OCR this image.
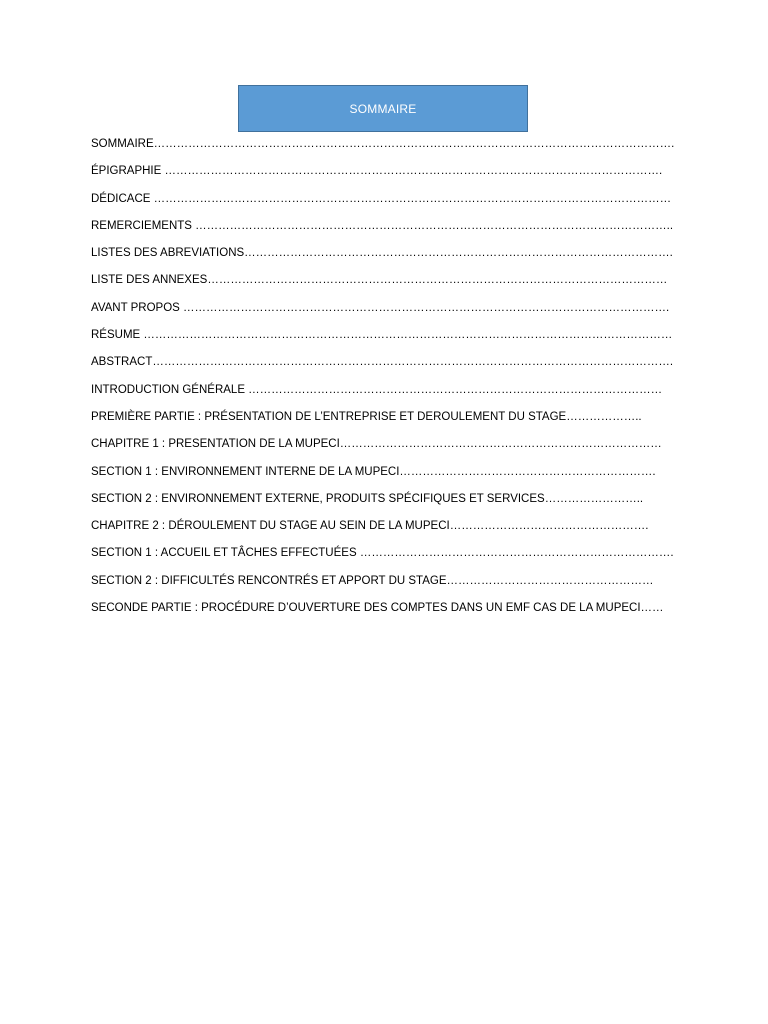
SOMMAIRE
SOMMAIRE……………………………………………………………………………………………………………………….
ÉPIGRAPHIE ………………………………………………………………………………………………………………….
DÉDICACE ………………………………………………………………………………………………………………………
REMERCIEMENTS ……………………………………………………………………………………………………………..
LISTES DES ABREVIATIONS………………………………………………………………………………………………….
LISTE DES ANNEXES…………………………………………………………………………………………………………
AVANT PROPOS ……………………………………………………………………………………………………………….
RÉSUME …………………………………………………………………………………………………………………………
ABSTRACT……………………………………………………………………………………………………………………….
INTRODUCTION GÉNÉRALE ………………………………………………………………………………………………
PREMIÈRE PARTIE : PRÉSENTATION DE L’ENTREPRISE ET DEROULEMENT DU STAGE………………..
CHAPITRE 1 : PRESENTATION DE LA MUPECI…………………………………………………………………………
SECTION 1 : ENVIRONNEMENT INTERNE DE LA MUPECI………………………………………………………….
SECTION 2 : ENVIRONNEMENT EXTERNE, PRODUITS SPÉCIFIQUES ET SERVICES……………………..
CHAPITRE 2 : DÉROULEMENT DU STAGE AU SEIN DE LA MUPECI…………………………………………….
SECTION 1 : ACCUEIL ET TÂCHES EFFECTUÉES ……………………………………………………………………….
SECTION 2 : DIFFICULTÉS RENCONTRÉS ET APPORT DU STAGE………………………………………………
SECONDE PARTIE : PROCÉDURE D’OUVERTURE DES COMPTES DANS UN EMF CAS DE LA MUPECI……
